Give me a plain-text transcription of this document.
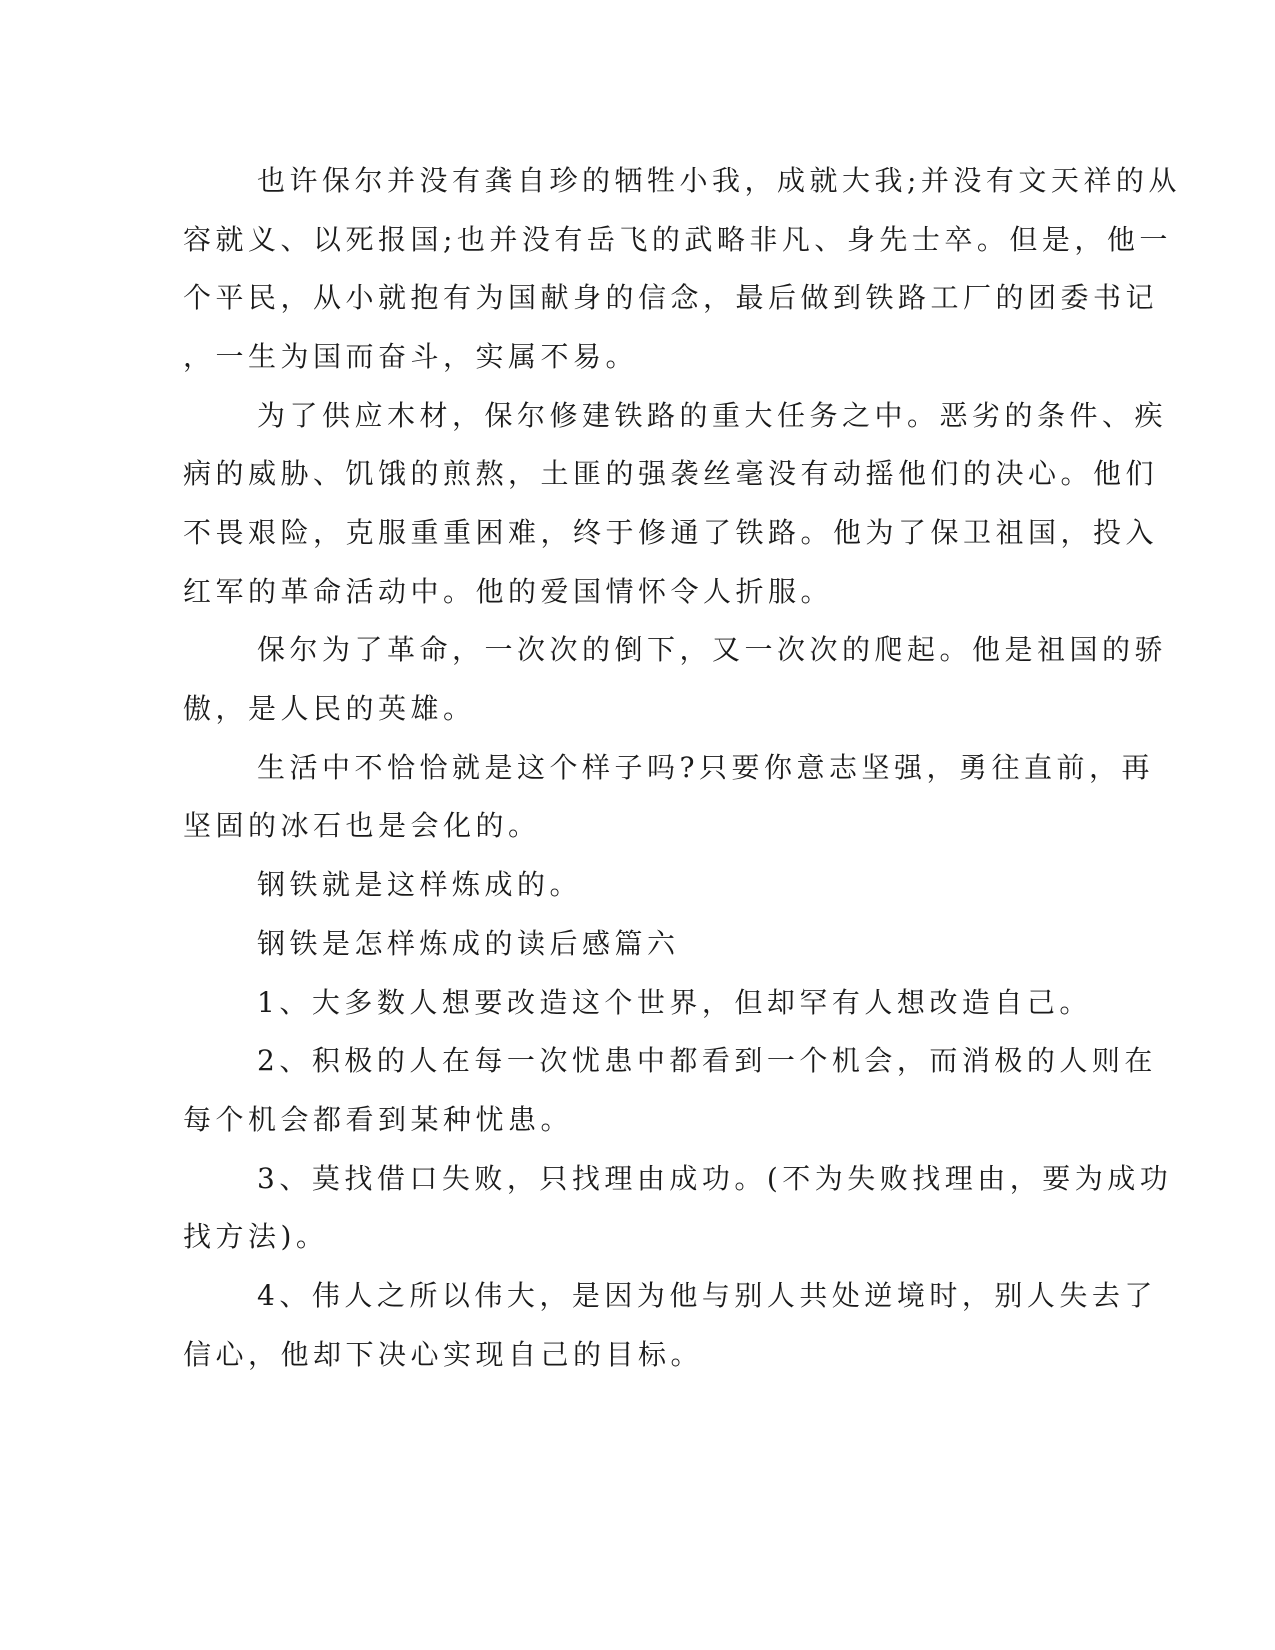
也许保尔并没有龚自珍的牺牲小我，成就大我;并没有文天祥的从
容就义、以死报国;也并没有岳飞的武略非凡、身先士卒。但是，他一
个平民，从小就抱有为国献身的信念，最后做到铁路工厂的团委书记
，一生为国而奋斗，实属不易。
为了供应木材，保尔修建铁路的重大任务之中。恶劣的条件、疾
病的威胁、饥饿的煎熬，土匪的强袭丝毫没有动摇他们的决心。他们
不畏艰险，克服重重困难，终于修通了铁路。他为了保卫祖国，投入
红军的革命活动中。他的爱国情怀令人折服。
保尔为了革命，一次次的倒下，又一次次的爬起。他是祖国的骄
傲，是人民的英雄。
生活中不恰恰就是这个样子吗?只要你意志坚强，勇往直前，再
坚固的冰石也是会化的。
钢铁就是这样炼成的。
钢铁是怎样炼成的读后感篇六
1、大多数人想要改造这个世界，但却罕有人想改造自己。
2、积极的人在每一次忧患中都看到一个机会，而消极的人则在
每个机会都看到某种忧患。
3、莫找借口失败，只找理由成功。(不为失败找理由，要为成功
找方法)。
4、伟人之所以伟大，是因为他与别人共处逆境时，别人失去了
信心，他却下决心实现自己的目标。
